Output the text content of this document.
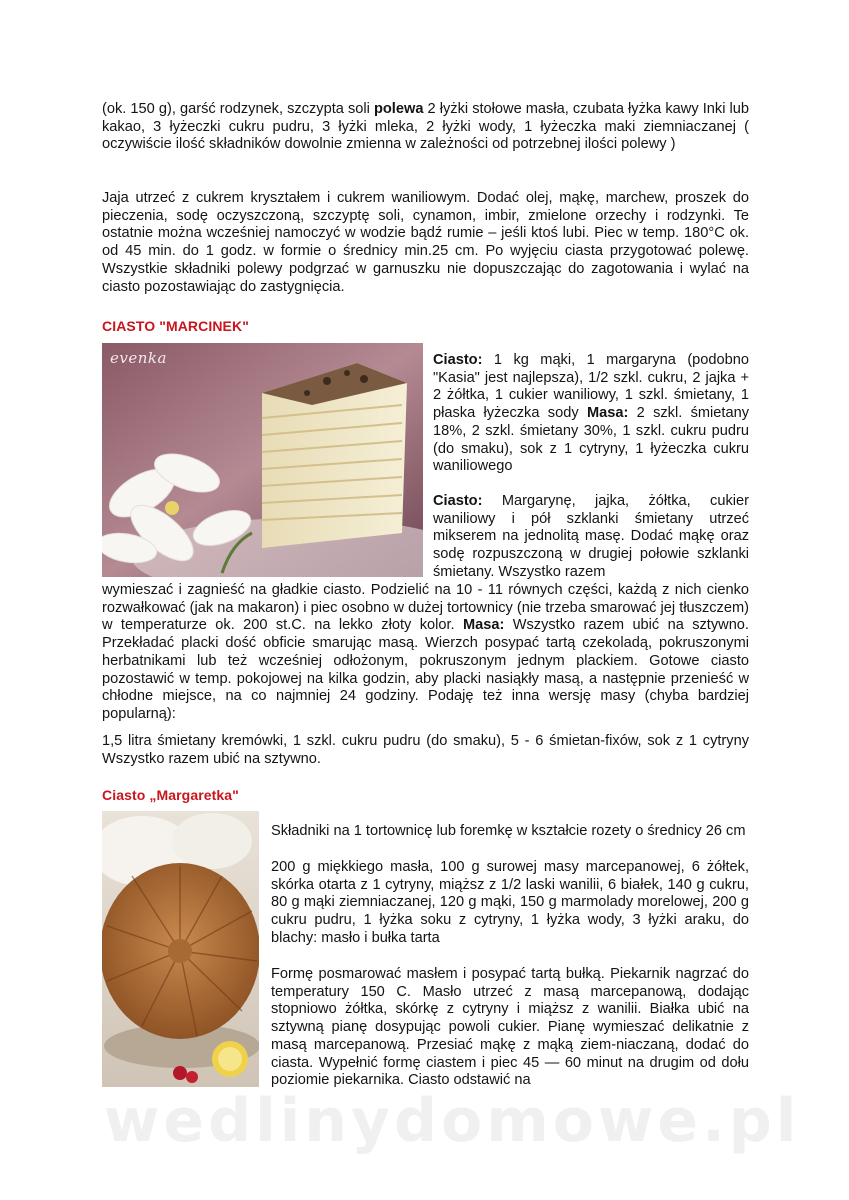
(ok. 150 g), garść rodzynek, szczypta soli polewa 2 łyżki stołowe masła, czubata łyżka kawy Inki lub kakao, 3 łyżeczki cukru pudru, 3 łyżki mleka, 2 łyżki wody, 1 łyżeczka maki ziemniaczanej ( oczywiście ilość składników dowolnie zmienna w zależności od potrzebnej ilości polewy )

Jaja utrzeć z cukrem kryształem i cukrem waniliowym. Dodać olej, mąkę, marchew, proszek do pieczenia, sodę oczyszczoną, szczyptę soli, cynamon, imbir, zmielone orzechy i rodzynki. Te ostatnie można wcześniej namoczyć w wodzie bądź rumie – jeśli ktoś lubi. Piec w temp. 180°C ok. od 45 min. do 1 godz. w formie o średnicy min.25 cm. Po wyjęciu ciasta przygotować polewę. Wszystkie składniki polewy podgrzać w garnuszku nie dopuszczając do zagotowania i wylać na ciasto pozostawiając do zastygnięcia.

CIASTO "MARCINEK"
evenka	Ciasto: 1 kg mąki, 1 margaryna (podobno "Kasia" jest najlepsza), 1/2 szkl. cukru, 2 jajka + 2 żółtka, 1 cukier waniliowy, 1 szkl. śmietany, 1 płaska łyżeczka sody Masa: 2 szkl. śmietany 18%, 2 szkl. śmietany 30%, 1 szkl. cukru pudru (do smaku), sok z 1 cytryny, 1 łyżeczka cukru waniliowego

Ciasto: Margarynę, jajka, żółtka, cukier waniliowy i pół szklanki śmietany utrzeć mikserem na jednolitą masę. Dodać mąkę oraz sodę rozpuszczoną w drugiej połowie szklanki śmietany. Wszystko razem

wymieszać i zagnieść na gładkie ciasto. Podzielić na 10 - 11 równych części, każdą z nich cienko rozwałkować (jak na makaron) i piec osobno w dużej tortownicy (nie trzeba smarować jej tłuszczem) w temperaturze ok. 200 st.C. na lekko złoty kolor. Masa: Wszystko razem ubić na sztywno. Przekładać placki dość obficie smarując masą. Wierzch posypać tartą czekoladą, pokruszonymi herbatnikami lub też wcześniej odłożonym, pokruszonym jednym plackiem. Gotowe ciasto pozostawić w temp. pokojowej na kilka godzin, aby placki nasiąkły masą, a następnie przenieść w chłodne miejsce, na co najmniej 24 godziny. Podaję też inna wersję masy (chyba bardziej popularną):

1,5 litra śmietany kremówki, 1 szkl. cukru pudru (do smaku), 5 - 6 śmietan-fixów, sok z 1 cytryny Wszystko razem ubić na sztywno.

Ciasto „Margaretka"

Składniki na 1 tortownicę lub foremkę w kształcie rozety o średnicy 26 cm

200 g miękkiego masła, 100 g surowej masy marcepanowej, 6 żółtek, skórka otarta z 1 cytryny, miąższ z 1/2 laski wanilii, 6 białek, 140 g cukru, 80 g mąki ziemniaczanej, 120 g mąki, 150 g marmolady morelowej, 200 g cukru pudru, 1 łyżka soku z cytryny, 1 łyżka wody, 3 łyżki araku, do blachy: masło i bułka tarta

Formę posmarować masłem i posypać tartą bułką. Piekarnik nagrzać do temperatury 150 C. Masło utrzeć z masą marcepanową, dodając stopniowo żółtka, skórkę z cytryny i miąższ z wanilii. Białka ubić na sztywną pianę dosypując powoli cukier. Pianę wymieszać delikatnie z masą marcepanową. Przesiać mąkę z mąką ziem-niaczaną, dodać do ciasta. Wypełnić formę ciastem i piec 45 — 60 minut na drugim od dołu poziomie piekarnika. Ciasto odstawić na

wedlinydomowe.pl
